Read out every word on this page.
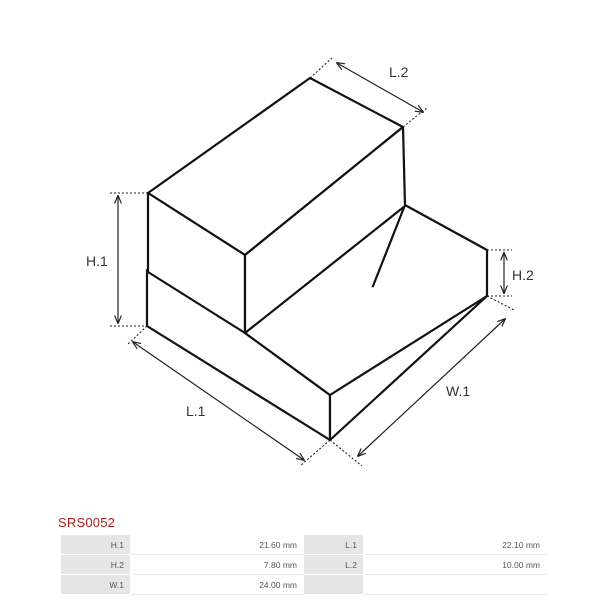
L.2
H.1
H.2
L.1
W.1
SRS0052
H.1	21.60 mm	L.1	22.10 mm
H.2	7.80 mm	L.2	10.00 mm
W.1	24.00 mm		
